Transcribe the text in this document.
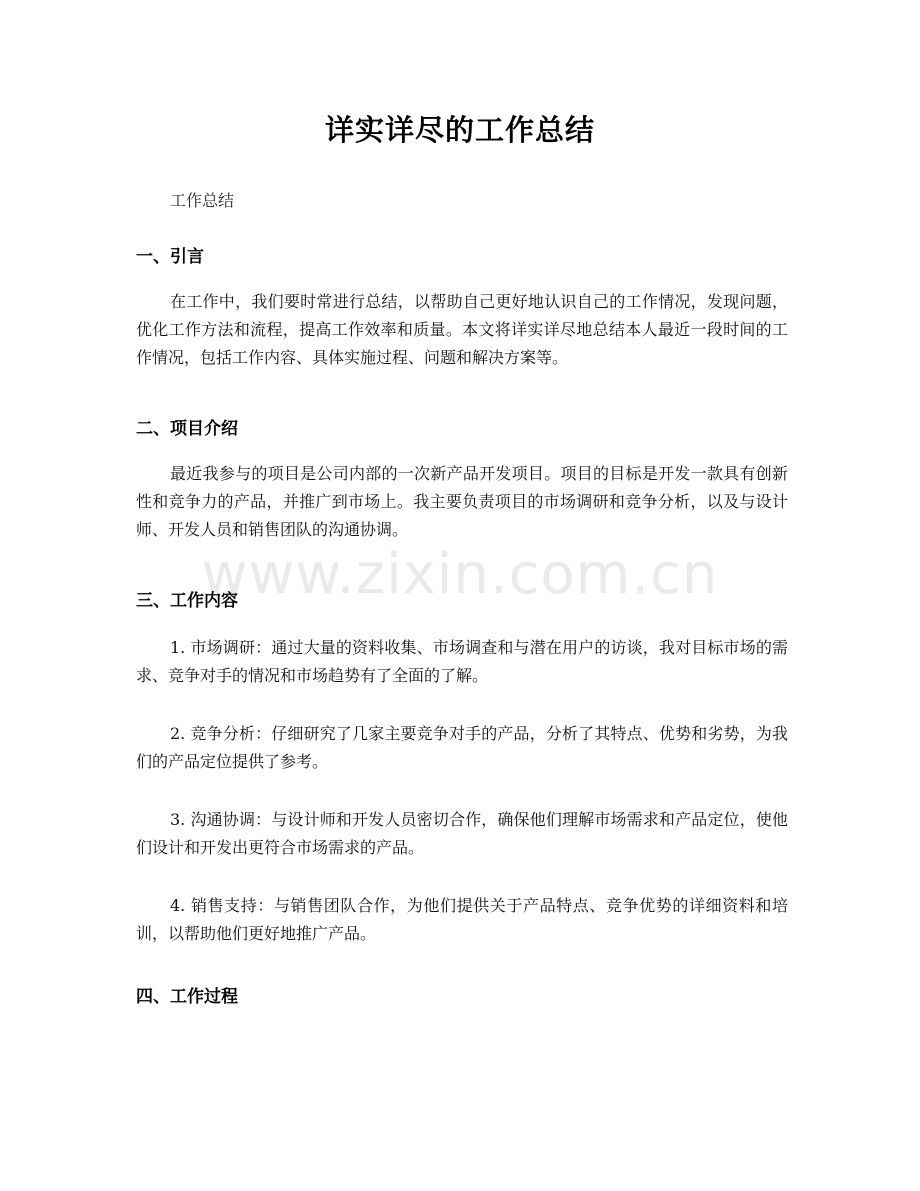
www.zixin.com.cn
详实详尽的工作总结
工作总结
一、引言
在工作中，我们要时常进行总结，以帮助自己更好地认识自己的工作情况，发现问题，优化工作方法和流程，提高工作效率和质量。本文将详实详尽地总结本人最近一段时间的工作情况，包括工作内容、具体实施过程、问题和解决方案等。
二、项目介绍
最近我参与的项目是公司内部的一次新产品开发项目。项目的目标是开发一款具有创新性和竞争力的产品，并推广到市场上。我主要负责项目的市场调研和竞争分析，以及与设计师、开发人员和销售团队的沟通协调。
三、工作内容
1. 市场调研：通过大量的资料收集、市场调查和与潜在用户的访谈，我对目标市场的需求、竞争对手的情况和市场趋势有了全面的了解。
2. 竞争分析：仔细研究了几家主要竞争对手的产品，分析了其特点、优势和劣势，为我们的产品定位提供了参考。
3. 沟通协调：与设计师和开发人员密切合作，确保他们理解市场需求和产品定位，使他们设计和开发出更符合市场需求的产品。
4. 销售支持：与销售团队合作，为他们提供关于产品特点、竞争优势的详细资料和培训，以帮助他们更好地推广产品。
四、工作过程
